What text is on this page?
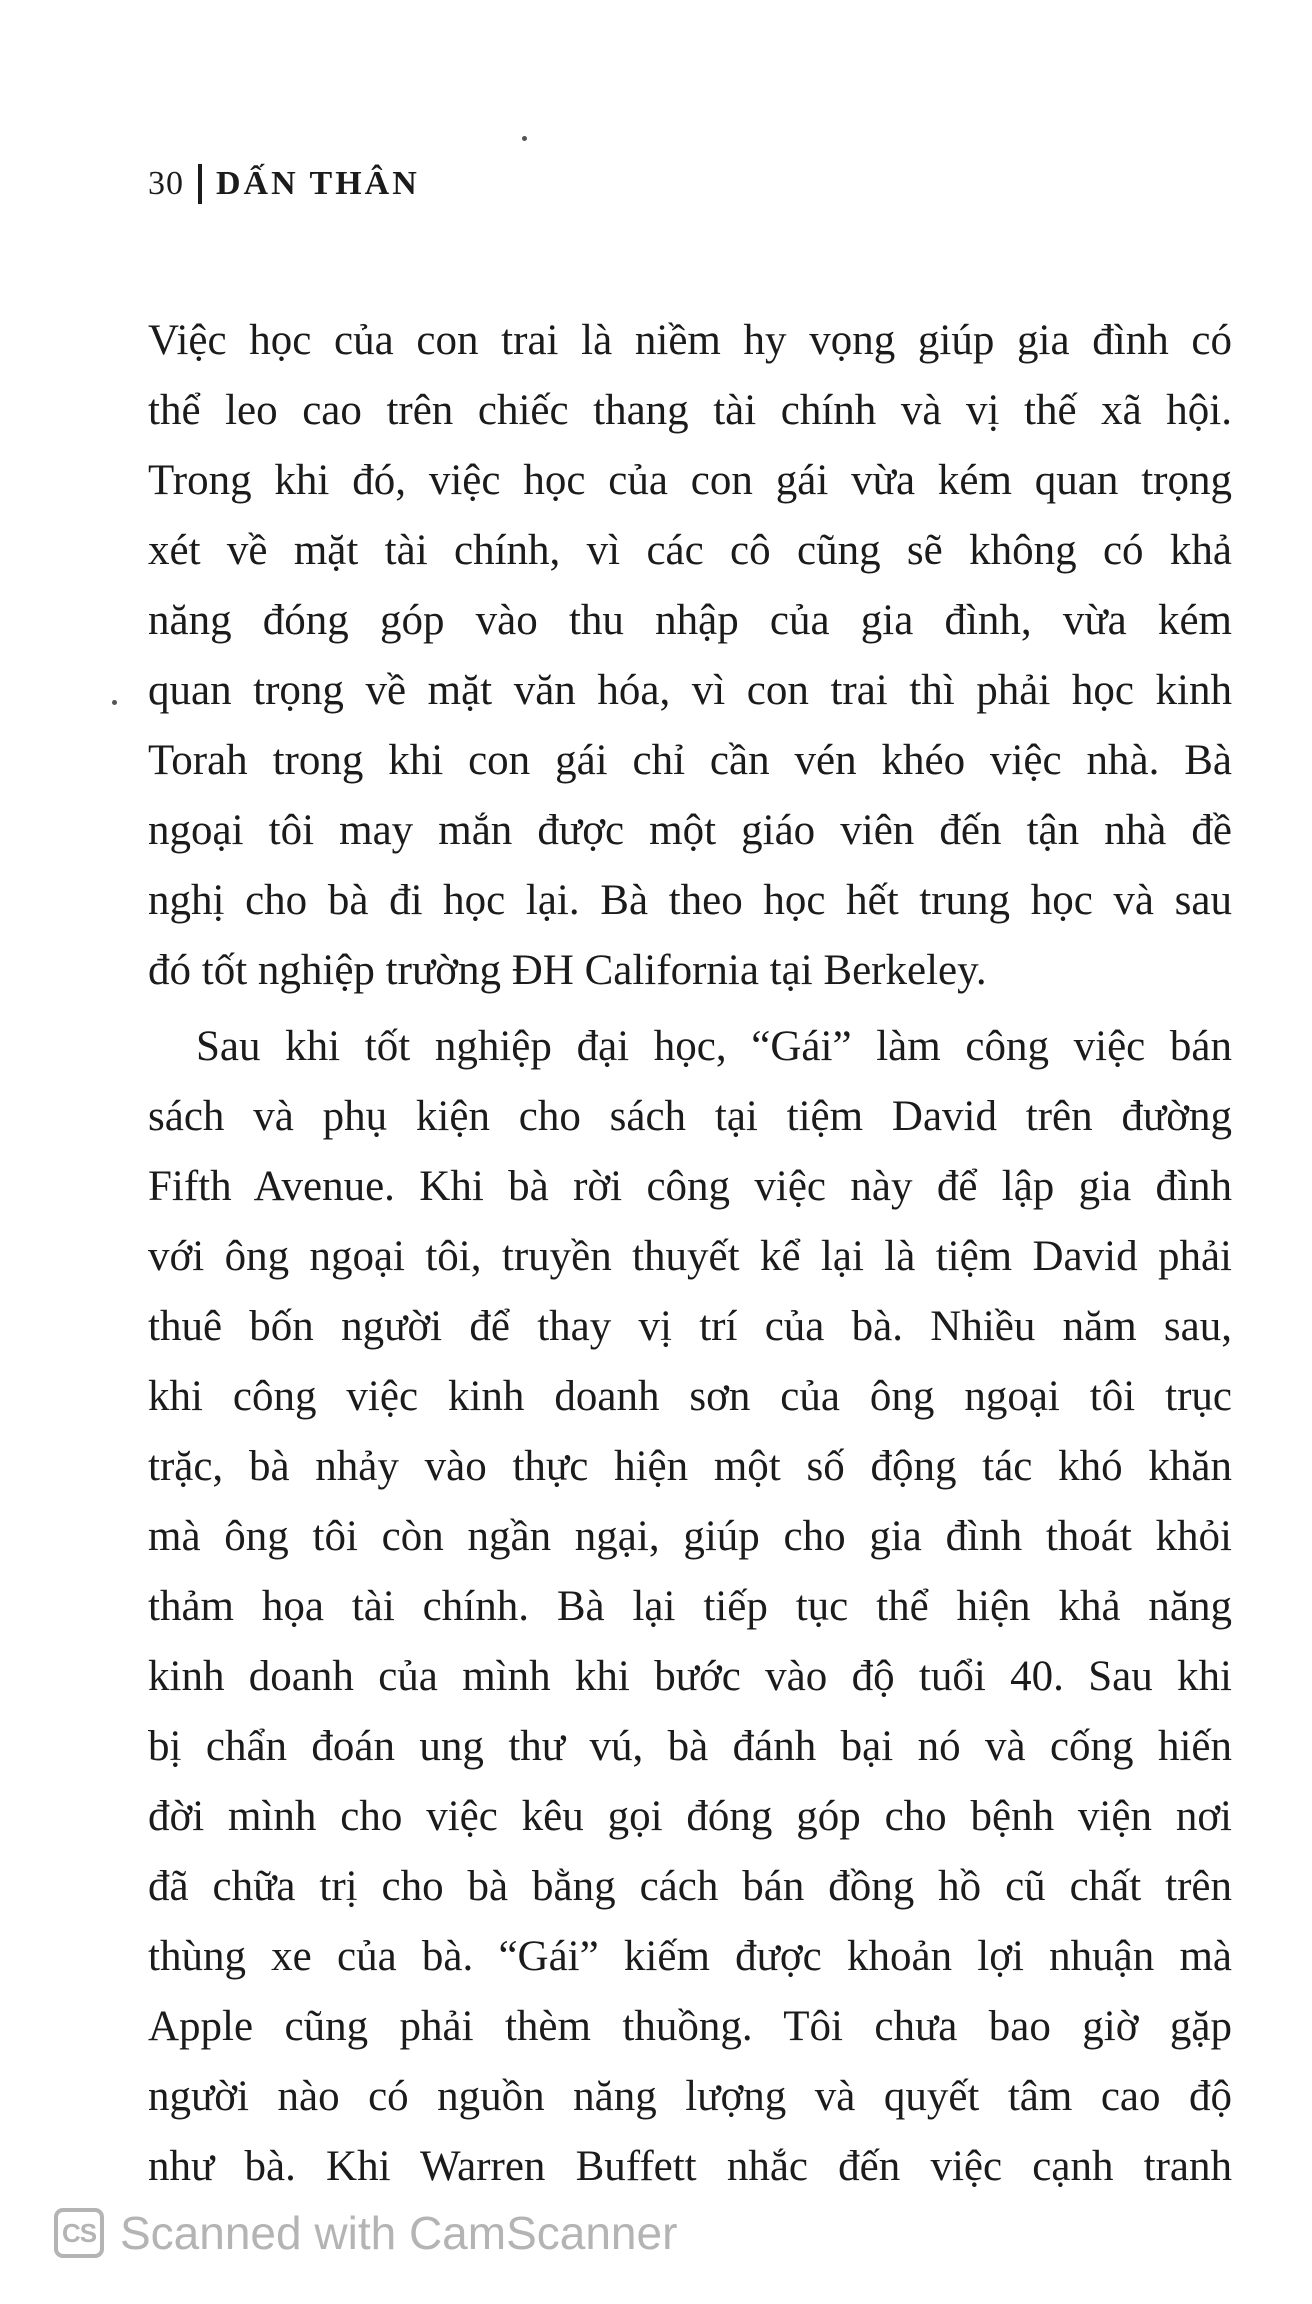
30 DẤN THÂN
Việc học của con trai là niềm hy vọng giúp gia đình có
thể leo cao trên chiếc thang tài chính và vị thế xã hội.
Trong khi đó, việc học của con gái vừa kém quan trọng
xét về mặt tài chính, vì các cô cũng sẽ không có khả
năng đóng góp vào thu nhập của gia đình, vừa kém
quan trọng về mặt văn hóa, vì con trai thì phải học kinh
Torah trong khi con gái chỉ cần vén khéo việc nhà. Bà
ngoại tôi may mắn được một giáo viên đến tận nhà đề
nghị cho bà đi học lại. Bà theo học hết trung học và sau
đó tốt nghiệp trường ĐH California tại Berkeley.
Sau khi tốt nghiệp đại học, “Gái” làm công việc bán
sách và phụ kiện cho sách tại tiệm David trên đường
Fifth Avenue. Khi bà rời công việc này để lập gia đình
với ông ngoại tôi, truyền thuyết kể lại là tiệm David phải
thuê bốn người để thay vị trí của bà. Nhiều năm sau,
khi công việc kinh doanh sơn của ông ngoại tôi trục
trặc, bà nhảy vào thực hiện một số động tác khó khăn
mà ông tôi còn ngần ngại, giúp cho gia đình thoát khỏi
thảm họa tài chính. Bà lại tiếp tục thể hiện khả năng
kinh doanh của mình khi bước vào độ tuổi 40. Sau khi
bị chẩn đoán ung thư vú, bà đánh bại nó và cống hiến
đời mình cho việc kêu gọi đóng góp cho bệnh viện nơi
đã chữa trị cho bà bằng cách bán đồng hồ cũ chất trên
thùng xe của bà. “Gái” kiếm được khoản lợi nhuận mà
Apple cũng phải thèm thuồng. Tôi chưa bao giờ gặp
người nào có nguồn năng lượng và quyết tâm cao độ
như bà. Khi Warren Buffett nhắc đến việc cạnh tranh
CS Scanned with CamScanner
